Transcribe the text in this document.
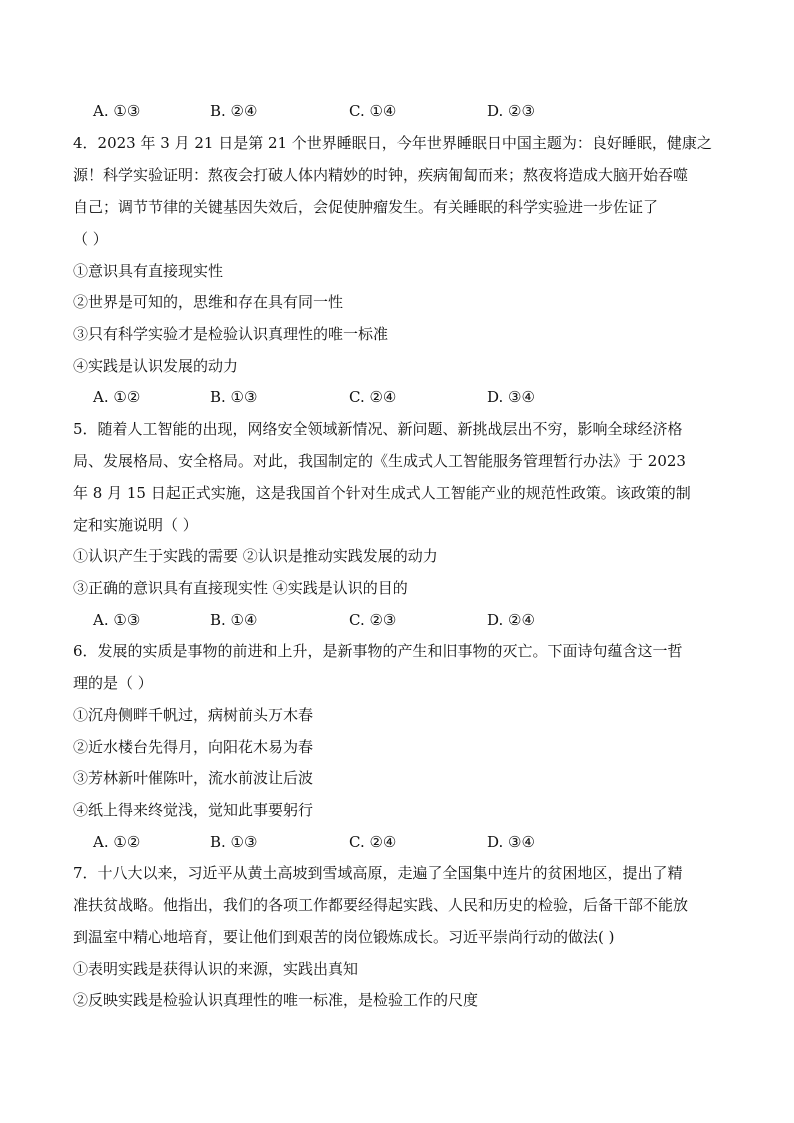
A. ①③	B. ②④	C. ①④	D. ②③
4．2023 年 3 月 21 日是第 21 个世界睡眠日，今年世界睡眠日中国主题为：良好睡眠，健康之
源！科学实验证明：熬夜会打破人体内精妙的时钟，疾病匍匐而来；熬夜将造成大脑开始吞噬
自己；调节节律的关键基因失效后，会促使肿瘤发生。有关睡眠的科学实验进一步佐证了
（ ）
①意识具有直接现实性
②世界是可知的，思维和存在具有同一性
③只有科学实验才是检验认识真理性的唯一标准
④实践是认识发展的动力
A. ①②	B. ①③	C. ②④	D. ③④
5．随着人工智能的出现，网络安全领域新情况、新问题、新挑战层出不穷，影响全球经济格
局、发展格局、安全格局。对此，我国制定的《生成式人工智能服务管理暂行办法》于 2023
年 8 月 15 日起正式实施，这是我国首个针对生成式人工智能产业的规范性政策。该政策的制
定和实施说明（ ）
①认识产生于实践的需要 ②认识是推动实践发展的动力
③正确的意识具有直接现实性 ④实践是认识的目的
A. ①③	B. ①④	C. ②③	D. ②④
6．发展的实质是事物的前进和上升，是新事物的产生和旧事物的灭亡。下面诗句蕴含这一哲
理的是（ ）
①沉舟侧畔千帆过，病树前头万木春
②近水楼台先得月，向阳花木易为春
③芳林新叶催陈叶，流水前波让后波
④纸上得来终觉浅，觉知此事要躬行
A. ①②	B. ①③	C. ②④	D. ③④
7．十八大以来，习近平从黄土高坡到雪域高原，走遍了全国集中连片的贫困地区，提出了精
准扶贫战略。他指出，我们的各项工作都要经得起实践、人民和历史的检验，后备干部不能放
到温室中精心地培育，要让他们到艰苦的岗位锻炼成长。习近平崇尚行动的做法( )
①表明实践是获得认识的来源，实践出真知
②反映实践是检验认识真理性的唯一标准，是检验工作的尺度
